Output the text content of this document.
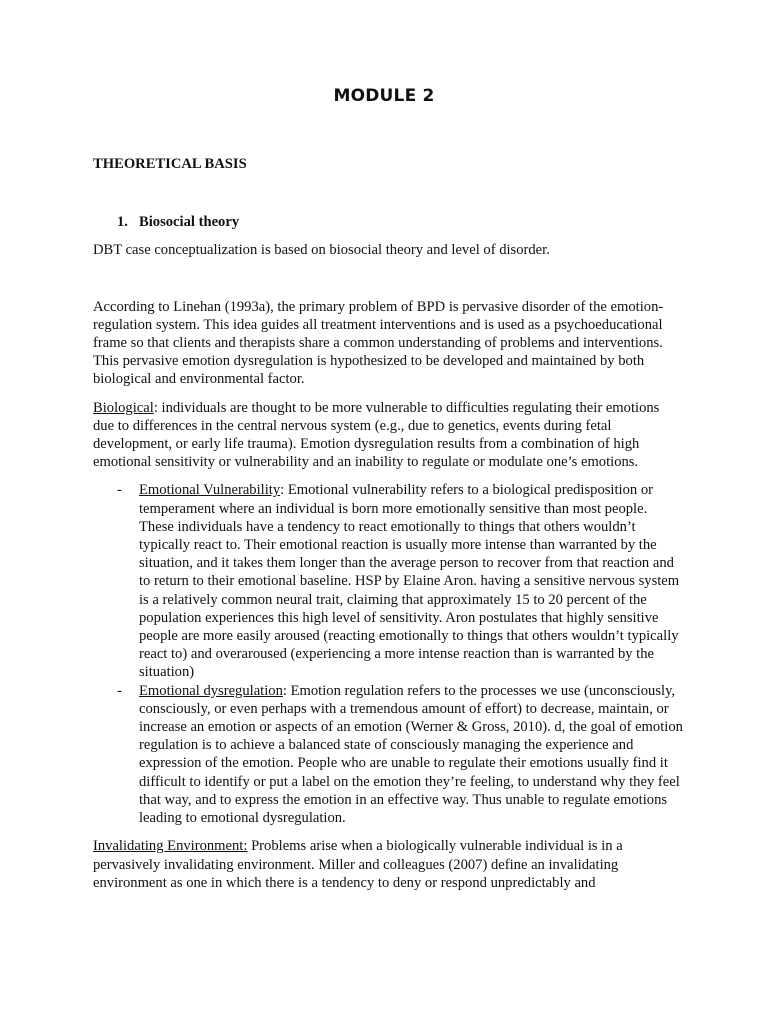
MODULE 2

THEORETICAL BASIS

1. Biosocial theory

DBT case conceptualization is based on biosocial theory and level of disorder.

According to Linehan (1993a), the primary problem of BPD is pervasive disorder of the emotion-regulation system. This idea guides all treatment interventions and is used as a psychoeducational frame so that clients and therapists share a common understanding of problems and interventions. This pervasive emotion dysregulation is hypothesized to be developed and maintained by both biological and environmental factor.

Biological: individuals are thought to be more vulnerable to difficulties regulating their emotions due to differences in the central nervous system (e.g., due to genetics, events during fetal development, or early life trauma). Emotion dysregulation results from a combination of high emotional sensitivity or vulnerability and an inability to regulate or modulate one’s emotions.

- Emotional Vulnerability: Emotional vulnerability refers to a biological predisposition or temperament where an individual is born more emotionally sensitive than most people. These individuals have a tendency to react emotionally to things that others wouldn’t typically react to. Their emotional reaction is usually more intense than warranted by the situation, and it takes them longer than the average person to recover from that reaction and to return to their emotional baseline. HSP by Elaine Aron. having a sensitive nervous system is a relatively common neural trait, claiming that approximately 15 to 20 percent of the population experiences this high level of sensitivity. Aron postulates that highly sensitive people are more easily aroused (reacting emotionally to things that others wouldn’t typically react to) and overaroused (experiencing a more intense reaction than is warranted by the situation)
- Emotional dysregulation: Emotion regulation refers to the processes we use (unconsciously, consciously, or even perhaps with a tremendous amount of effort) to decrease, maintain, or increase an emotion or aspects of an emotion (Werner & Gross, 2010). d, the goal of emotion regulation is to achieve a balanced state of consciously managing the experience and expression of the emotion. People who are unable to regulate their emotions usually find it difficult to identify or put a label on the emotion they’re feeling, to understand why they feel that way, and to express the emotion in an effective way. Thus unable to regulate emotions leading to emotional dysregulation.

Invalidating Environment: Problems arise when a biologically vulnerable individual is in a pervasively invalidating environment. Miller and colleagues (2007) define an invalidating environment as one in which there is a tendency to deny or respond unpredictably and
